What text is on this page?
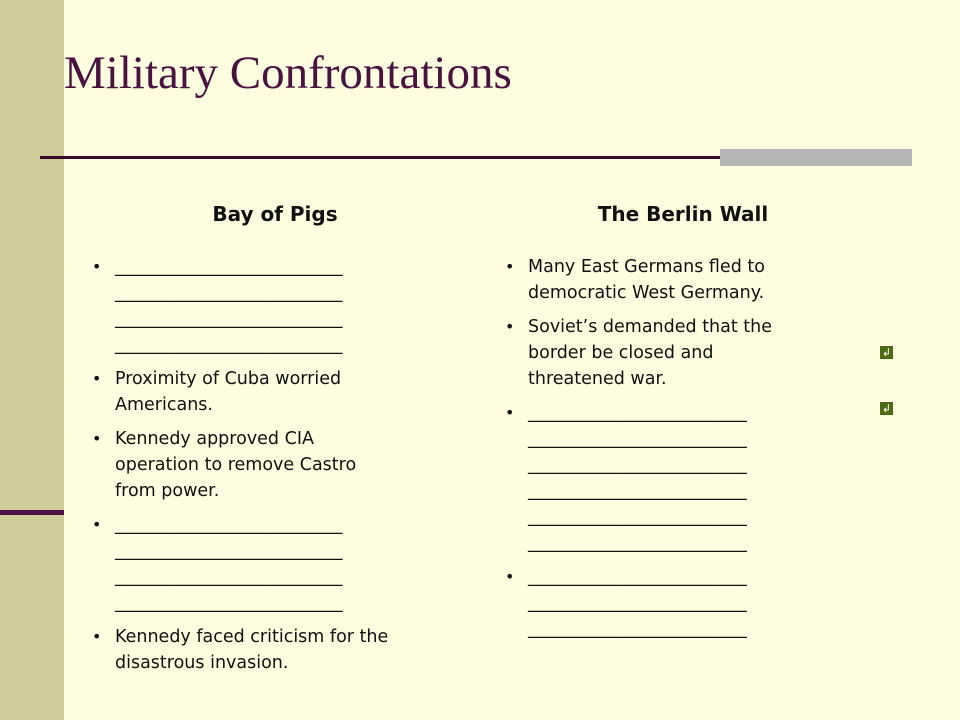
Military Confrontations
Bay of Pigs	The Berlin Wall
• __________________________
__________________________
__________________________
__________________________
• Proximity of Cuba worried
Americans.
• Kennedy approved CIA
operation to remove Castro
from power.
• __________________________
__________________________
__________________________
__________________________
• Kennedy faced criticism for the
disastrous invasion.
• Many East Germans fled to
democratic West Germany.
• Soviet’s demanded that the
border be closed and
threatened war.
• _________________________
_________________________
_________________________
_________________________
_________________________
_________________________
• _________________________
_________________________
_________________________
↲
↲
